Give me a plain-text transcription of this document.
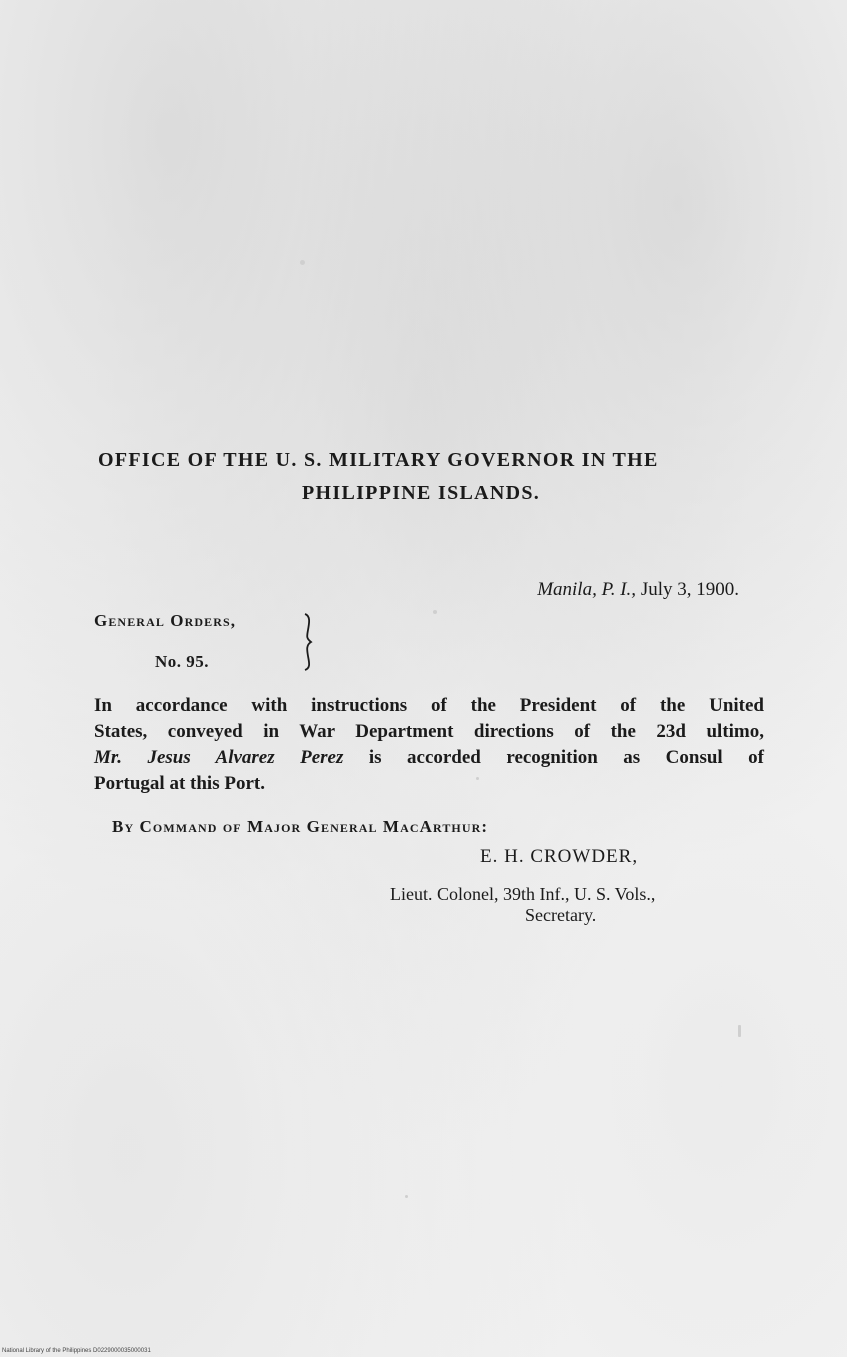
OFFICE OF THE U. S. MILITARY GOVERNOR IN THE

PHILIPPINE ISLANDS.

Manila, P. I., July 3, 1900.

General Orders,

No. 95.

In accordance with instructions of the President of the United
States, conveyed in War Department directions of the 23d ultimo,
Mr. Jesus Alvarez Perez is accorded recognition as Consul of
Portugal at this Port.

By Command of Major General MacArthur:

E. H. CROWDER,

Lieut. Colonel, 39th Inf., U. S. Vols.,

Secretary.

National Library of the Philippines D0229000035000031
